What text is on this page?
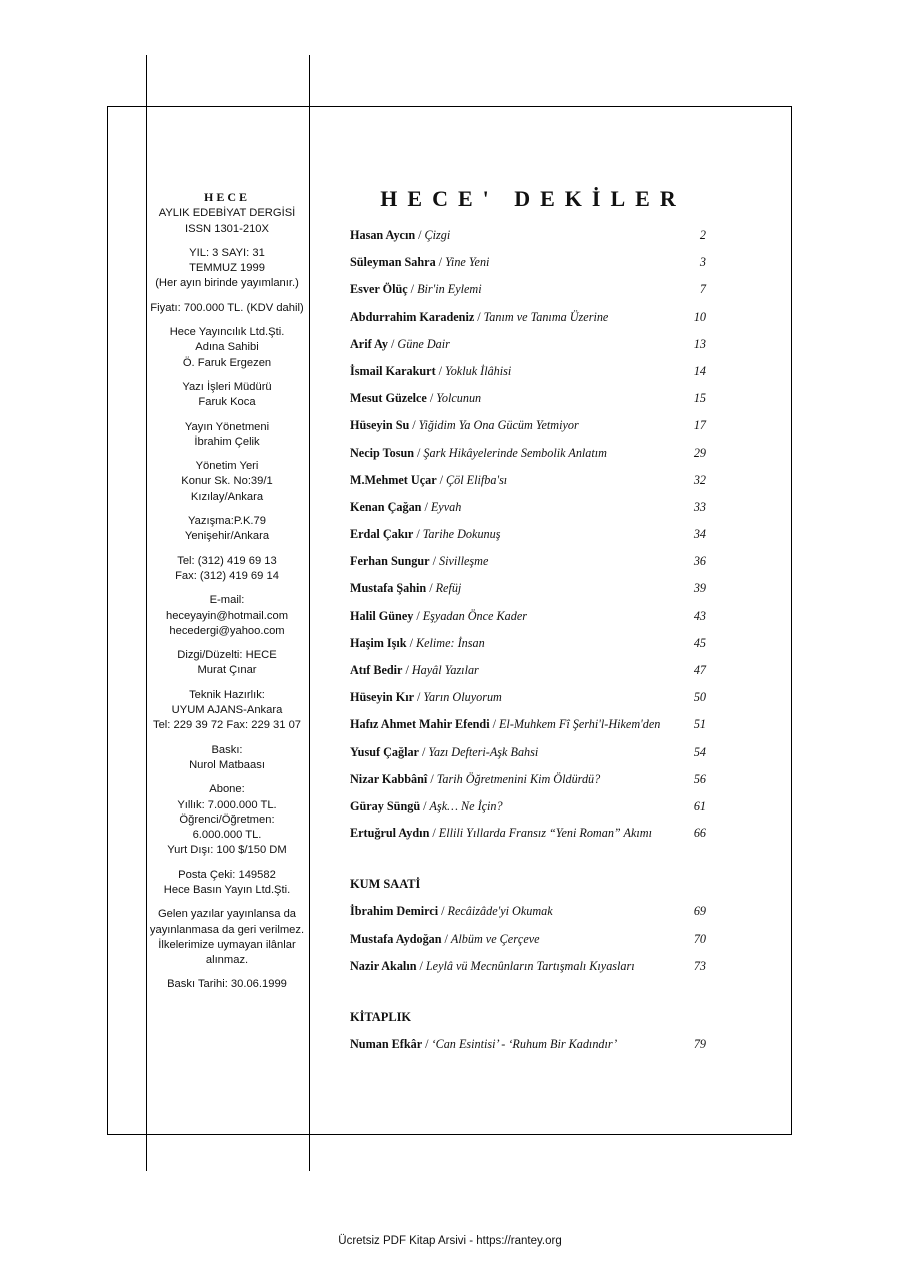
HECE
AYLIK EDEBİYAT DERGİSİ
ISSN 1301-210X
YIL: 3 SAYI: 31
TEMMUZ 1999
(Her ayın birinde yayımlanır.)
Fiyatı: 700.000 TL. (KDV dahil)
Hece Yayıncılık Ltd.Şti.
Adına Sahibi
Ö. Faruk Ergezen
Yazı İşleri Müdürü
Faruk Koca
Yayın Yönetmeni
İbrahim Çelik
Yönetim Yeri
Konur Sk. No:39/1
Kızılay/Ankara
Yazışma:P.K.79
Yenişehir/Ankara
Tel: (312) 419 69 13
Fax: (312) 419 69 14
E-mail:
heceyayin@hotmail.com
hecedergi@yahoo.com
Dizgi/Düzelti: HECE
Murat Çınar
Teknik Hazırlık:
UYUM AJANS-Ankara
Tel: 229 39 72 Fax: 229 31 07
Baskı:
Nurol Matbaası
Abone:
Yıllık: 7.000.000 TL.
Öğrenci/Öğretmen:
6.000.000 TL.
Yurt Dışı: 100 $/150 DM
Posta Çeki: 149582
Hece Basın Yayın Ltd.Şti.
Gelen yazılar yayınlansa da
yayınlanmasa da geri verilmez.
İlkelerimize uymayan ilânlar
alınmaz.
Baskı Tarihi: 30.06.1999
HECE' DEKİLER
Hasan Aycın / Çizgi	2
Süleyman Sahra / Yine Yeni	3
Esver Ölüç / Bir'in Eylemi	7
Abdurrahim Karadeniz / Tanım ve Tanıma Üzerine	10
Arif Ay / Güne Dair	13
İsmail Karakurt / Yokluk İlâhisi	14
Mesut Güzelce / Yolcunun	15
Hüseyin Su / Yiğidim Ya Ona Gücüm Yetmiyor	17
Necip Tosun / Şark Hikâyelerinde Sembolik Anlatım	29
M.Mehmet Uçar / Çöl Elifba'sı	32
Kenan Çağan / Eyvah	33
Erdal Çakır / Tarihe Dokunuş	34
Ferhan Sungur / Sivilleşme	36
Mustafa Şahin / Refüj	39
Halil Güney / Eşyadan Önce Kader	43
Haşim Işık / Kelime: İnsan	45
Atıf Bedir / Hayâl Yazılar	47
Hüseyin Kır / Yarın Oluyorum	50
Hafız Ahmet Mahir Efendi / El-Muhkem Fî Şerhi'l-Hikem'den	51
Yusuf Çağlar / Yazı Defteri-Aşk Bahsi	54
Nizar Kabbânî / Tarih Öğretmenini Kim Öldürdü?	56
Güray Süngü / Aşk… Ne İçin?	61
Ertuğrul Aydın / Ellili Yıllarda Fransız “Yeni Roman” Akımı	66
KUM SAATİ
İbrahim Demirci / Recâizâde'yi Okumak	69
Mustafa Aydoğan / Albüm ve Çerçeve	70
Nazir Akalın / Leylâ vü Mecnûnların Tartışmalı Kıyasları	73
KİTAPLIK
Numan Efkâr / ‘Can Esintisi’ - ‘Ruhum Bir Kadındır’	79
Ücretsiz PDF Kitap Arsivi - https://rantey.org
